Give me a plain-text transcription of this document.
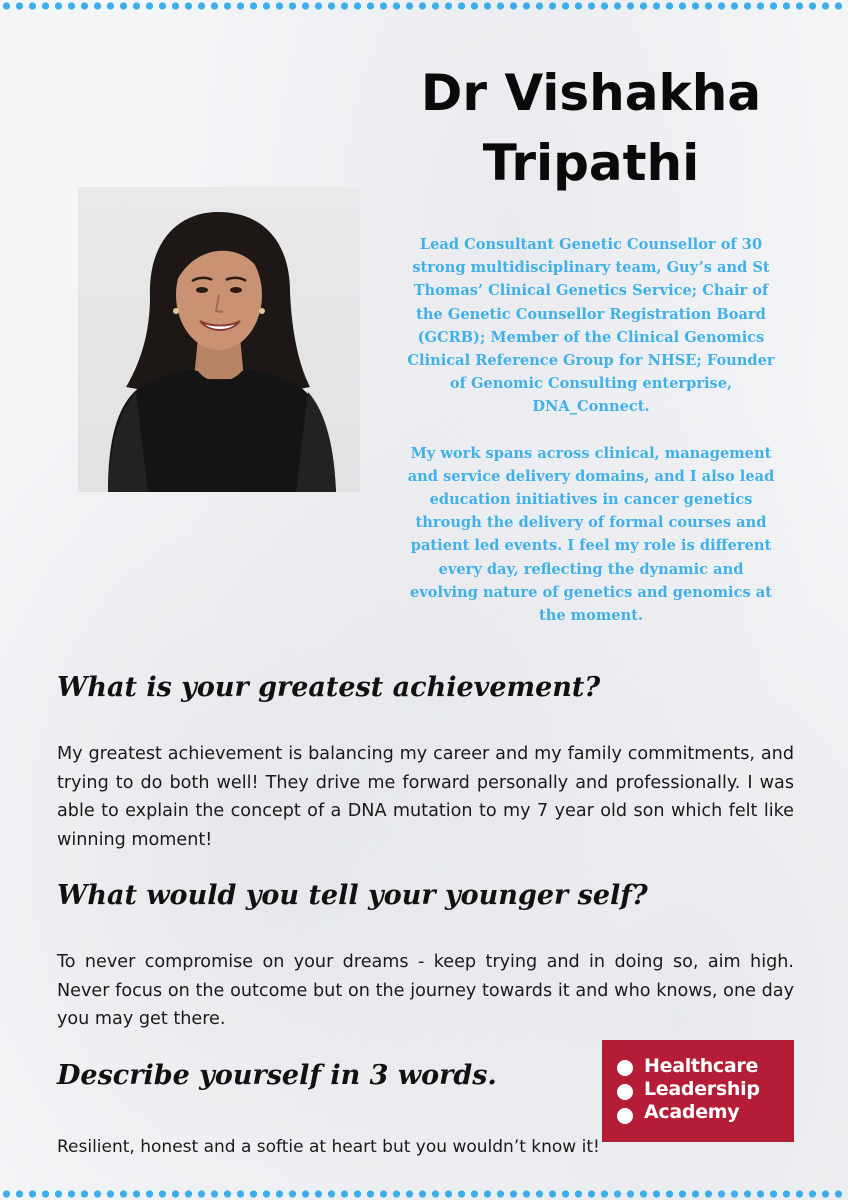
Dr Vishakha
Tripathi

Lead Consultant Genetic Counsellor of 30
strong multidisciplinary team, Guy’s and St
Thomas’ Clinical Genetics Service; Chair of
the Genetic Counsellor Registration Board
(GCRB); Member of the Clinical Genomics
Clinical Reference Group for NHSE; Founder
of Genomic Consulting enterprise,
DNA_Connect.

My work spans across clinical, management
and service delivery domains, and I also lead
education initiatives in cancer genetics
through the delivery of formal courses and
patient led events. I feel my role is different
every day, reflecting the dynamic and
evolving nature of genetics and genomics at
the moment.

What is your greatest achievement?

My greatest achievement is balancing my career and my family commitments, and trying to do both well! They drive me forward personally and professionally. I was able to explain the concept of a DNA mutation to my 7 year old son which felt like winning moment!

What would you tell your younger self?

To never compromise on your dreams - keep trying and in doing so, aim high. Never focus on the outcome but on the journey towards it and who knows, one day you may get there.

Describe yourself in 3 words.

Resilient, honest and a softie at heart but you wouldn’t know it!

Healthcare
Leadership
Academy
